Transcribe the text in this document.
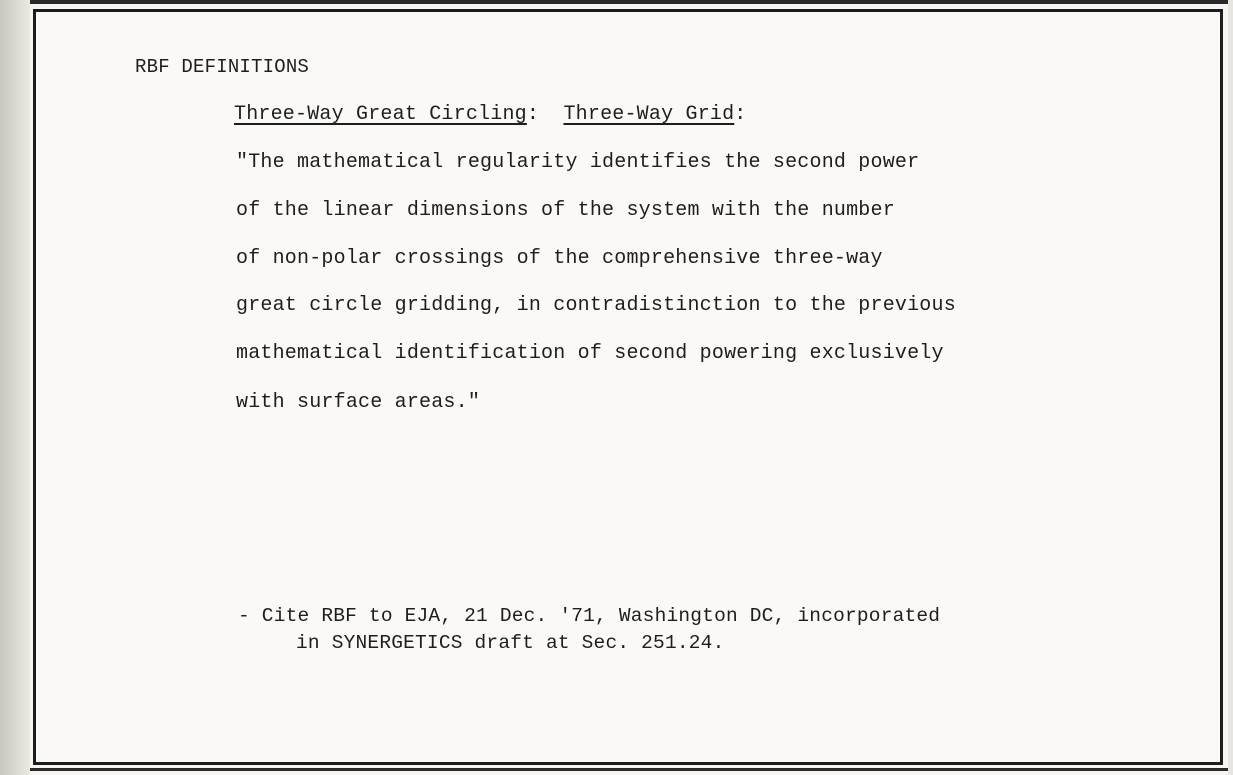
RBF DEFINITIONS
Three-Way Great Circling:  Three-Way Grid:
"The mathematical regularity identifies the second power
of the linear dimensions of the system with the number
of non-polar crossings of the comprehensive three-way
great circle gridding, in contradistinction to the previous
mathematical identification of second powering exclusively
with surface areas."
- Cite RBF to EJA, 21 Dec. '71, Washington DC, incorporated
in SYNERGETICS draft at Sec. 251.24.
